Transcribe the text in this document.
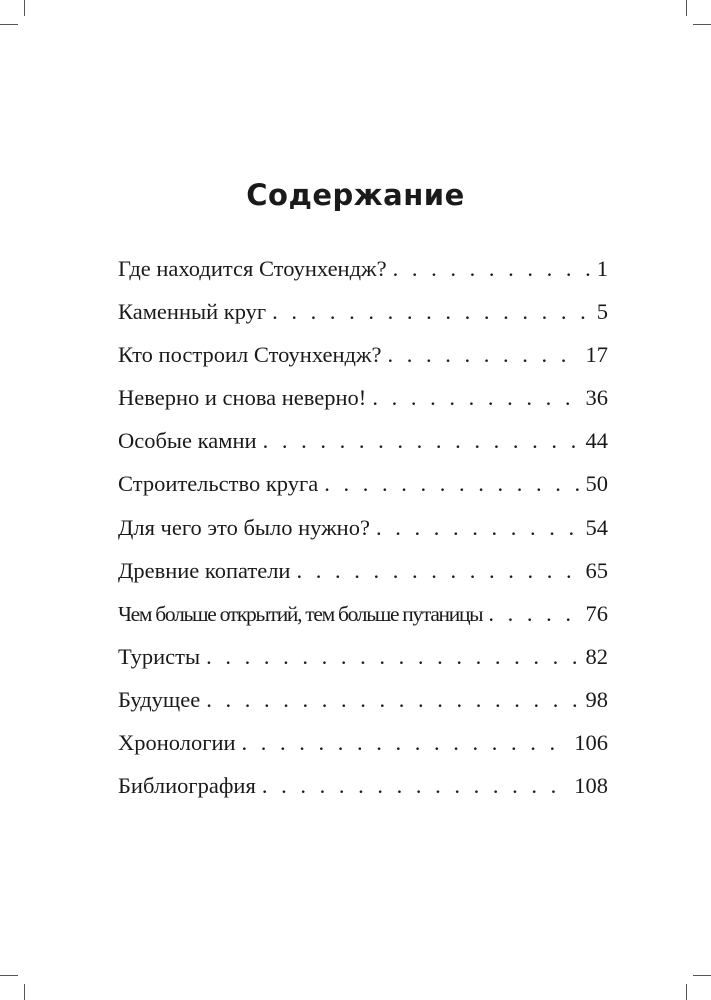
Содержание
Где находится Стоунхендж? . . .	1
Каменный круг . . .	5
Кто построил Стоунхендж? . . .	17
Неверно и снова неверно! . . .	36
Особые камни . . .	44
Строительство круга . . .	50
Для чего это было нужно? . . .	54
Древние копатели . . .	65
Чем больше открытий, тем больше путаницы . . .	76
Туристы . . .	82
Будущее . . .	98
Хронологии . . .	106
Библиография . . .	108
